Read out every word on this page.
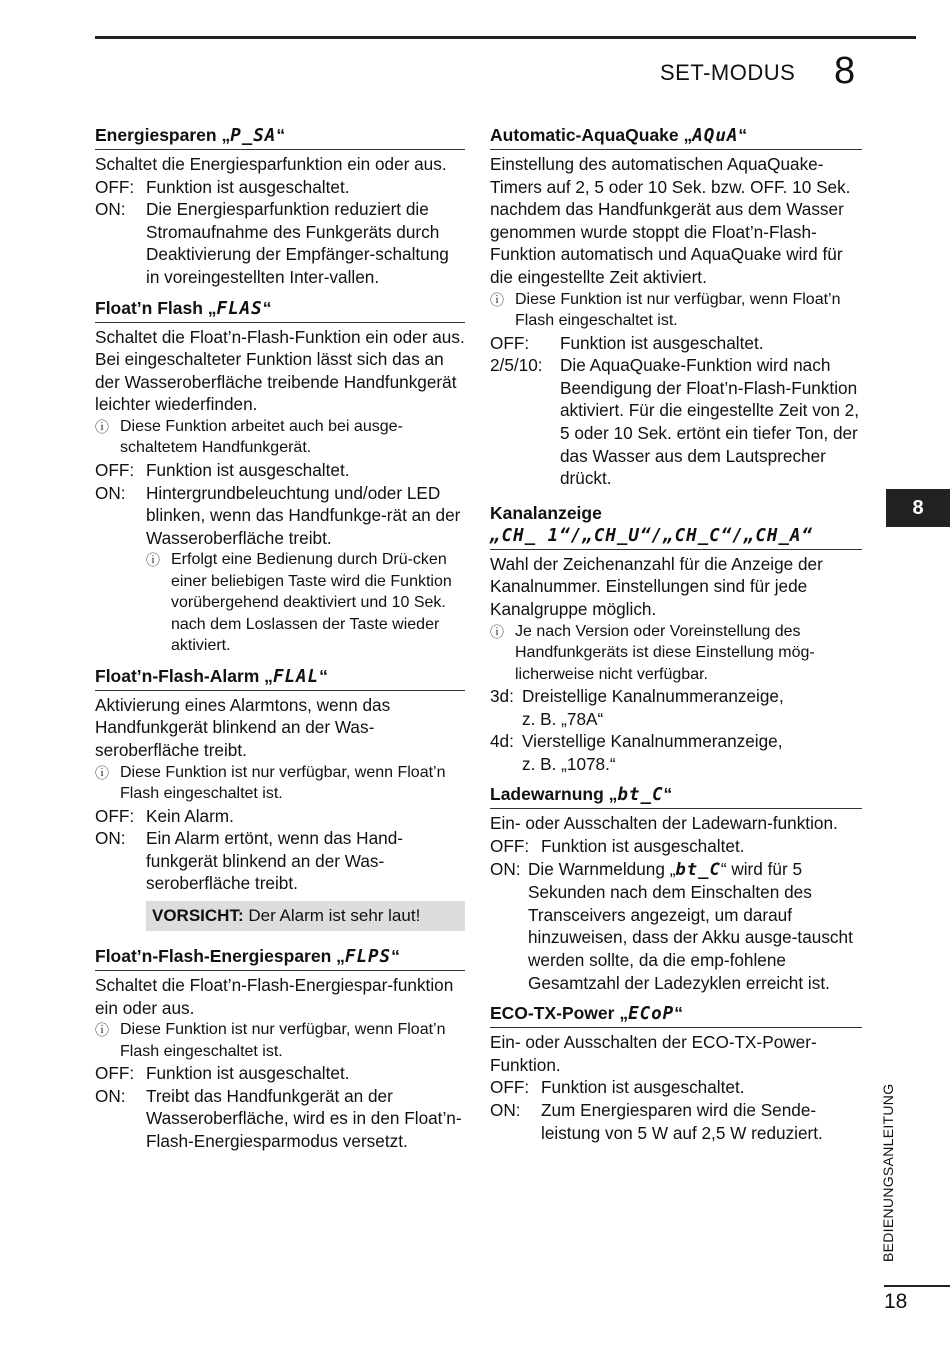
SET-MODUS 8
Energiesparen „P_SA“

Schaltet die Energiesparfunktion ein oder aus.

OFF: Funktion ist ausgeschaltet.
ON:	Die Energiesparfunktion reduziert die Stromaufnahme des Funkgeräts durch Deaktivierung der Empfänger-schaltung in voreingestellten Inter-vallen.
Float’n Flash „FLAS“

Schaltet die Float’n-Flash-Funktion ein oder aus. Bei eingeschalteter Funktion lässt sich das an der Wasseroberfläche treibende Handfunkgerät leichter wiederfinden.

ⓘ Diese Funktion arbeitet auch bei ausge-schaltetem Handfunkgerät.
OFF: Funktion ist ausgeschaltet.
ON:	Hintergrundbeleuchtung und/oder LED blinken, wenn das Handfunkge-rät an der Wasseroberfläche treibt.
ⓘ Erfolgt eine Bedienung durch Drü-cken einer beliebigen Taste wird die Funktion vorübergehend deaktiviert und 10 Sek. nach dem Loslassen der Taste wieder aktiviert.
Float’n-Flash-Alarm „FLAL“

Aktivierung eines Alarmtons, wenn das Handfunkgerät blinkend an der Was-seroberfläche treibt.

ⓘ Diese Funktion ist nur verfügbar, wenn Float’n Flash eingeschaltet ist.
OFF: Kein Alarm.
ON:	Ein Alarm ertönt, wenn das Hand-funkgerät blinkend an der Was-seroberfläche treibt.
VORSICHT: Der Alarm ist sehr laut!
Float’n-Flash-Energiesparen „FLPS“

Schaltet die Float’n-Flash-Energiespar-funktion ein oder aus.

ⓘ Diese Funktion ist nur verfügbar, wenn Float’n Flash eingeschaltet ist.
OFF: Funktion ist ausgeschaltet.
ON:	Treibt das Handfunkgerät an der Wasseroberfläche, wird es in den Float’n-Flash-Energiesparmodus versetzt.
Automatic-AquaQuake „AQuA“

Einstellung des automatischen AquaQuake-Timers auf 2, 5 oder 10 Sek. bzw. OFF. 10 Sek. nachdem das Handfunkgerät aus dem Wasser genommen wurde stoppt die Float’n-Flash-Funktion automatisch und AquaQuake wird für die eingestellte Zeit aktiviert.

ⓘ Diese Funktion ist nur verfügbar, wenn Float’n Flash eingeschaltet ist.
OFF:	Funktion ist ausgeschaltet.
2/5/10:	Die AquaQuake-Funktion wird nach Beendigung der Float’n-Flash-Funktion aktiviert. Für die eingestellte Zeit von 2, 5 oder 10 Sek. ertönt ein tiefer Ton, der das Wasser aus dem Lautsprecher drückt.
Kanalanzeige
„CH_ 1“/„CH_U“/„CH_C“/„CH_A“

Wahl der Zeichenanzahl für die Anzeige der Kanalnummer. Einstellungen sind für jede Kanalgruppe möglich.

ⓘ Je nach Version oder Voreinstellung des Handfunkgeräts ist diese Einstellung mög-licherweise nicht verfügbar.
3d: Dreistellige Kanalnummeranzeige,
z. B. „78A“
4d: Vierstellige Kanalnummeranzeige,
z. B. „1078.“
Ladewarnung „bt_C“

Ein- oder Ausschalten der Ladewarn-funktion.

OFF: Funktion ist ausgeschaltet.
ON: Die Warnmeldung „bt_C“ wird für 5 Sekunden nach dem Einschalten des Transceivers angezeigt, um darauf hinzuweisen, dass der Akku ausge-tauscht werden sollte, da die emp-fohlene Gesamtzahl der Ladezyklen erreicht ist.
ECO-TX-Power „ECoP“

Ein- oder Ausschalten der ECO-TX-Power-Funktion.

OFF: Funktion ist ausgeschaltet.
ON:	Zum Energiesparen wird die Sende-leistung von 5 W auf 2,5 W reduziert.
8
BEDIENUNGSANLEITUNG
18
